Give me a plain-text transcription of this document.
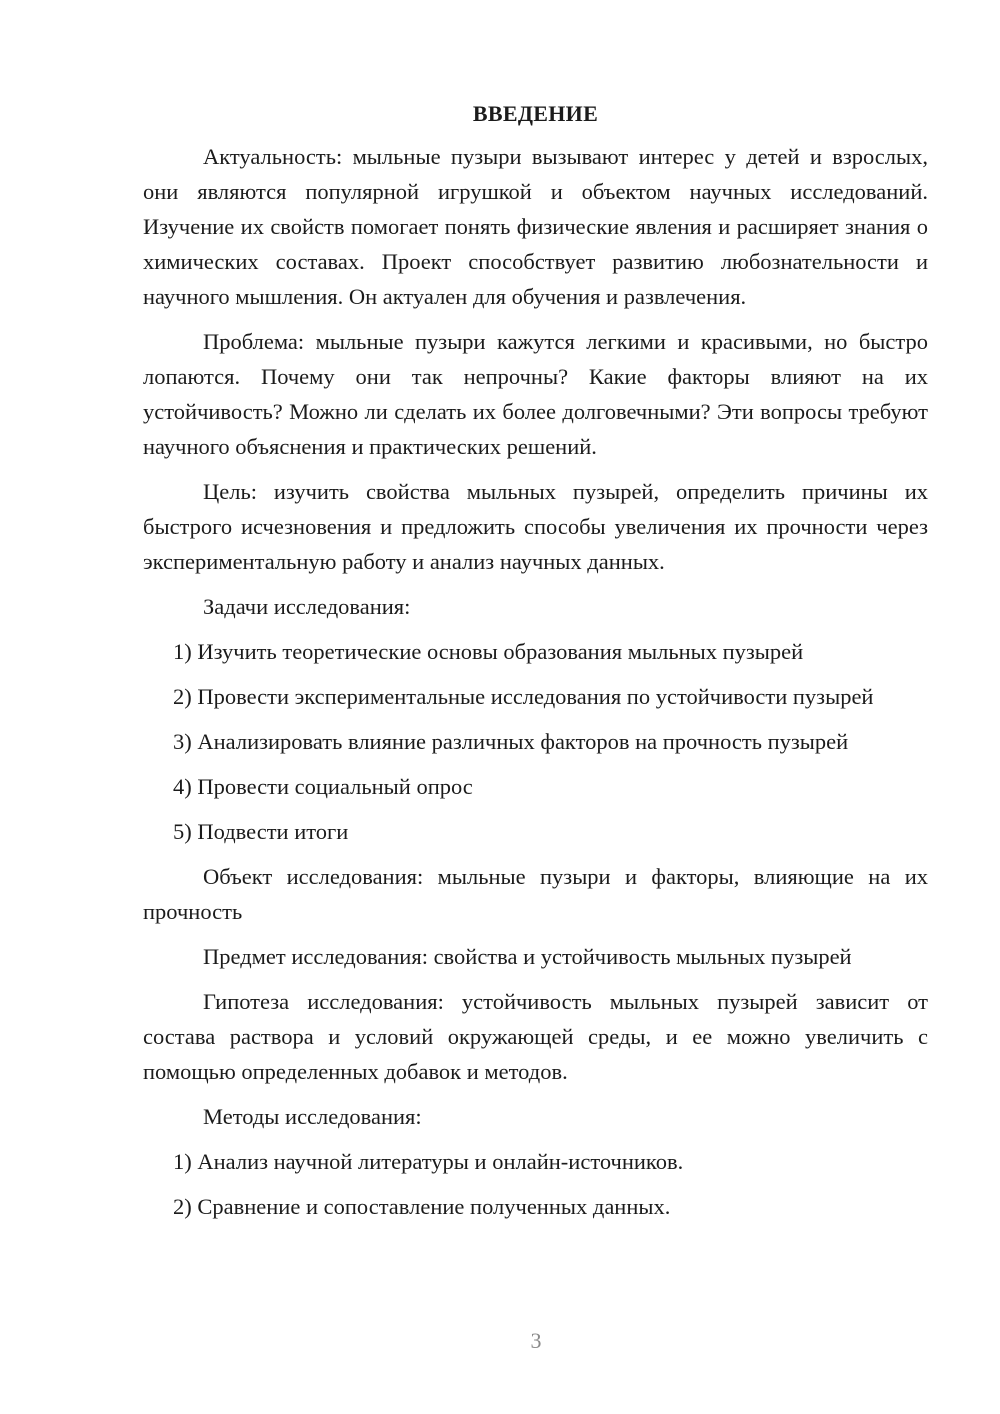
ВВЕДЕНИЕ

Актуальность: мыльные пузыри вызывают интерес у детей и взрослых, они являются популярной игрушкой и объектом научных исследований. Изучение их свойств помогает понять физические явления и расширяет знания о химических составах. Проект способствует развитию любознательности и научного мышления. Он актуален для обучения и развлечения.

Проблема: мыльные пузыри кажутся легкими и красивыми, но быстро лопаются. Почему они так непрочны? Какие факторы влияют на их устойчивость? Можно ли сделать их более долговечными? Эти вопросы требуют научного объяснения и практических решений.

Цель: изучить свойства мыльных пузырей, определить причины их быстрого исчезновения и предложить способы увеличения их прочности через экспериментальную работу и анализ научных данных.

Задачи исследования:

1) Изучить теоретические основы образования мыльных пузырей

2) Провести экспериментальные исследования по устойчивости пузырей

3) Анализировать влияние различных факторов на прочность пузырей

4) Провести социальный опрос

5) Подвести итоги

Объект исследования: мыльные пузыри и факторы, влияющие на их прочность

Предмет исследования: свойства и устойчивость мыльных пузырей

Гипотеза исследования: устойчивость мыльных пузырей зависит от состава раствора и условий окружающей среды, и ее можно увеличить с помощью определенных добавок и методов.

Методы исследования:

1) Анализ научной литературы и онлайн-источников.

2) Сравнение и сопоставление полученных данных.

3
